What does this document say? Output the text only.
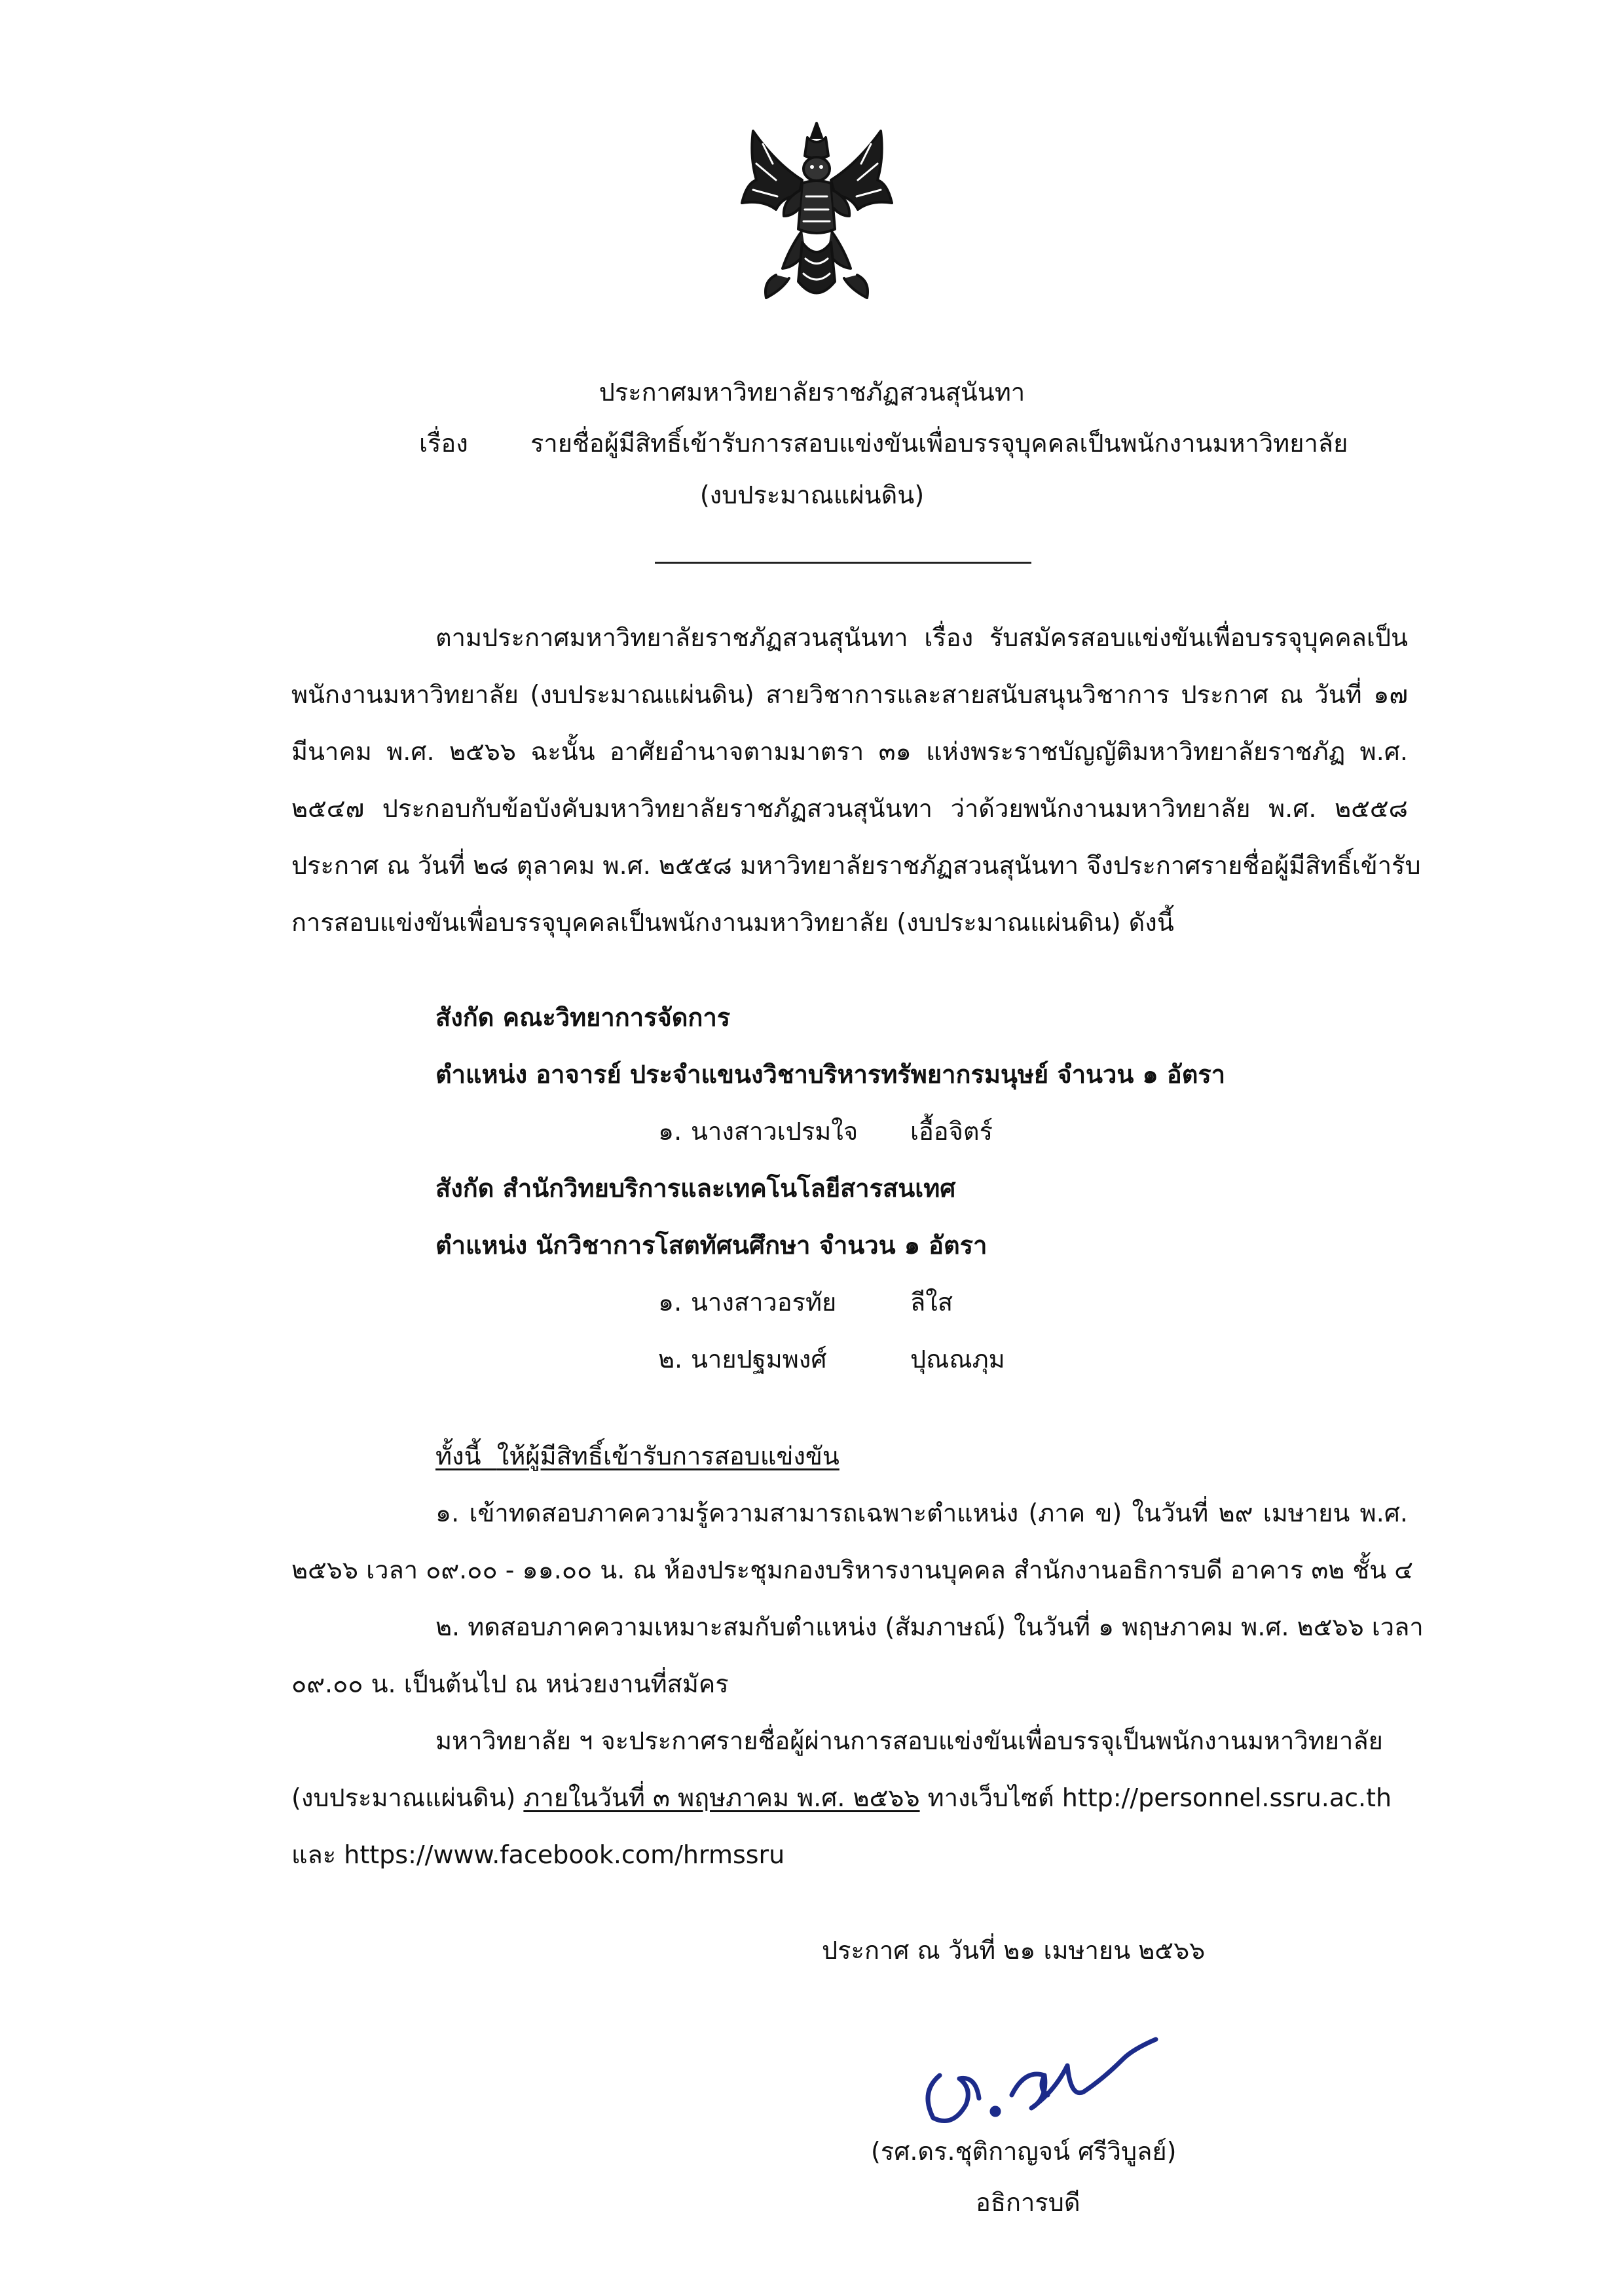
ประกาศมหาวิทยาลัยราชภัฏสวนสุนันทา
เรื่อง	รายชื่อผู้มีสิทธิ์เข้ารับการสอบแข่งขันเพื่อบรรจุบุคคลเป็นพนักงานมหาวิทยาลัย
(งบประมาณแผ่นดิน)
ตามประกาศมหาวิทยาลัยราชภัฏสวนสุนันทา เรื่อง รับสมัครสอบแข่งขันเพื่อบรรจุบุคคลเป็น
พนักงานมหาวิทยาลัย (งบประมาณแผ่นดิน) สายวิชาการและสายสนับสนุนวิชาการ ประกาศ ณ วันที่ ๑๗
มีนาคม พ.ศ. ๒๕๖๖ ฉะนั้น อาศัยอำนาจตามมาตรา ๓๑ แห่งพระราชบัญญัติมหาวิทยาลัยราชภัฏ พ.ศ.
๒๕๔๗ ประกอบกับข้อบังคับมหาวิทยาลัยราชภัฏสวนสุนันทา ว่าด้วยพนักงานมหาวิทยาลัย พ.ศ. ๒๕๕๘
ประกาศ ณ วันที่ ๒๘ ตุลาคม พ.ศ. ๒๕๕๘ มหาวิทยาลัยราชภัฏสวนสุนันทา จึงประกาศรายชื่อผู้มีสิทธิ์เข้ารับ
การสอบแข่งขันเพื่อบรรจุบุคคลเป็นพนักงานมหาวิทยาลัย (งบประมาณแผ่นดิน) ดังนี้
สังกัด คณะวิทยาการจัดการ
ตำแหน่ง อาจารย์ ประจำแขนงวิชาบริหารทรัพยากรมนุษย์ จำนวน ๑ อัตรา
๑. นางสาวเปรมใจ เอื้อจิตร์
สังกัด สำนักวิทยบริการและเทคโนโลยีสารสนเทศ
ตำแหน่ง นักวิชาการโสตทัศนศึกษา จำนวน ๑ อัตรา
๑. นางสาวอรทัย	ลีใส
๒. นายปฐมพงศ์	ปุณณภุม
ทั้งนี้ ให้ผู้มีสิทธิ์เข้ารับการสอบแข่งขัน
๑. เข้าทดสอบภาคความรู้ความสามารถเฉพาะตำแหน่ง (ภาค ข) ในวันที่ ๒๙ เมษายน พ.ศ.
๒๕๖๖ เวลา ๐๙.๐๐ - ๑๑.๐๐ น. ณ ห้องประชุมกองบริหารงานบุคคล สำนักงานอธิการบดี อาคาร ๓๒ ชั้น ๔
๒. ทดสอบภาคความเหมาะสมกับตำแหน่ง (สัมภาษณ์) ในวันที่ ๑ พฤษภาคม พ.ศ. ๒๕๖๖ เวลา
๐๙.๐๐ น. เป็นต้นไป ณ หน่วยงานที่สมัคร
มหาวิทยาลัย ฯ จะประกาศรายชื่อผู้ผ่านการสอบแข่งขันเพื่อบรรจุเป็นพนักงานมหาวิทยาลัย
(งบประมาณแผ่นดิน) ภายในวันที่ ๓ พฤษภาคม พ.ศ. ๒๕๖๖ ทางเว็บไซต์ http://personnel.ssru.ac.th
และ https://www.facebook.com/hrmssru
ประกาศ ณ วันที่ ๒๑ เมษายน ๒๕๖๖
(รศ.ดร.ชุติกาญจน์ ศรีวิบูลย์)
อธิการบดี
